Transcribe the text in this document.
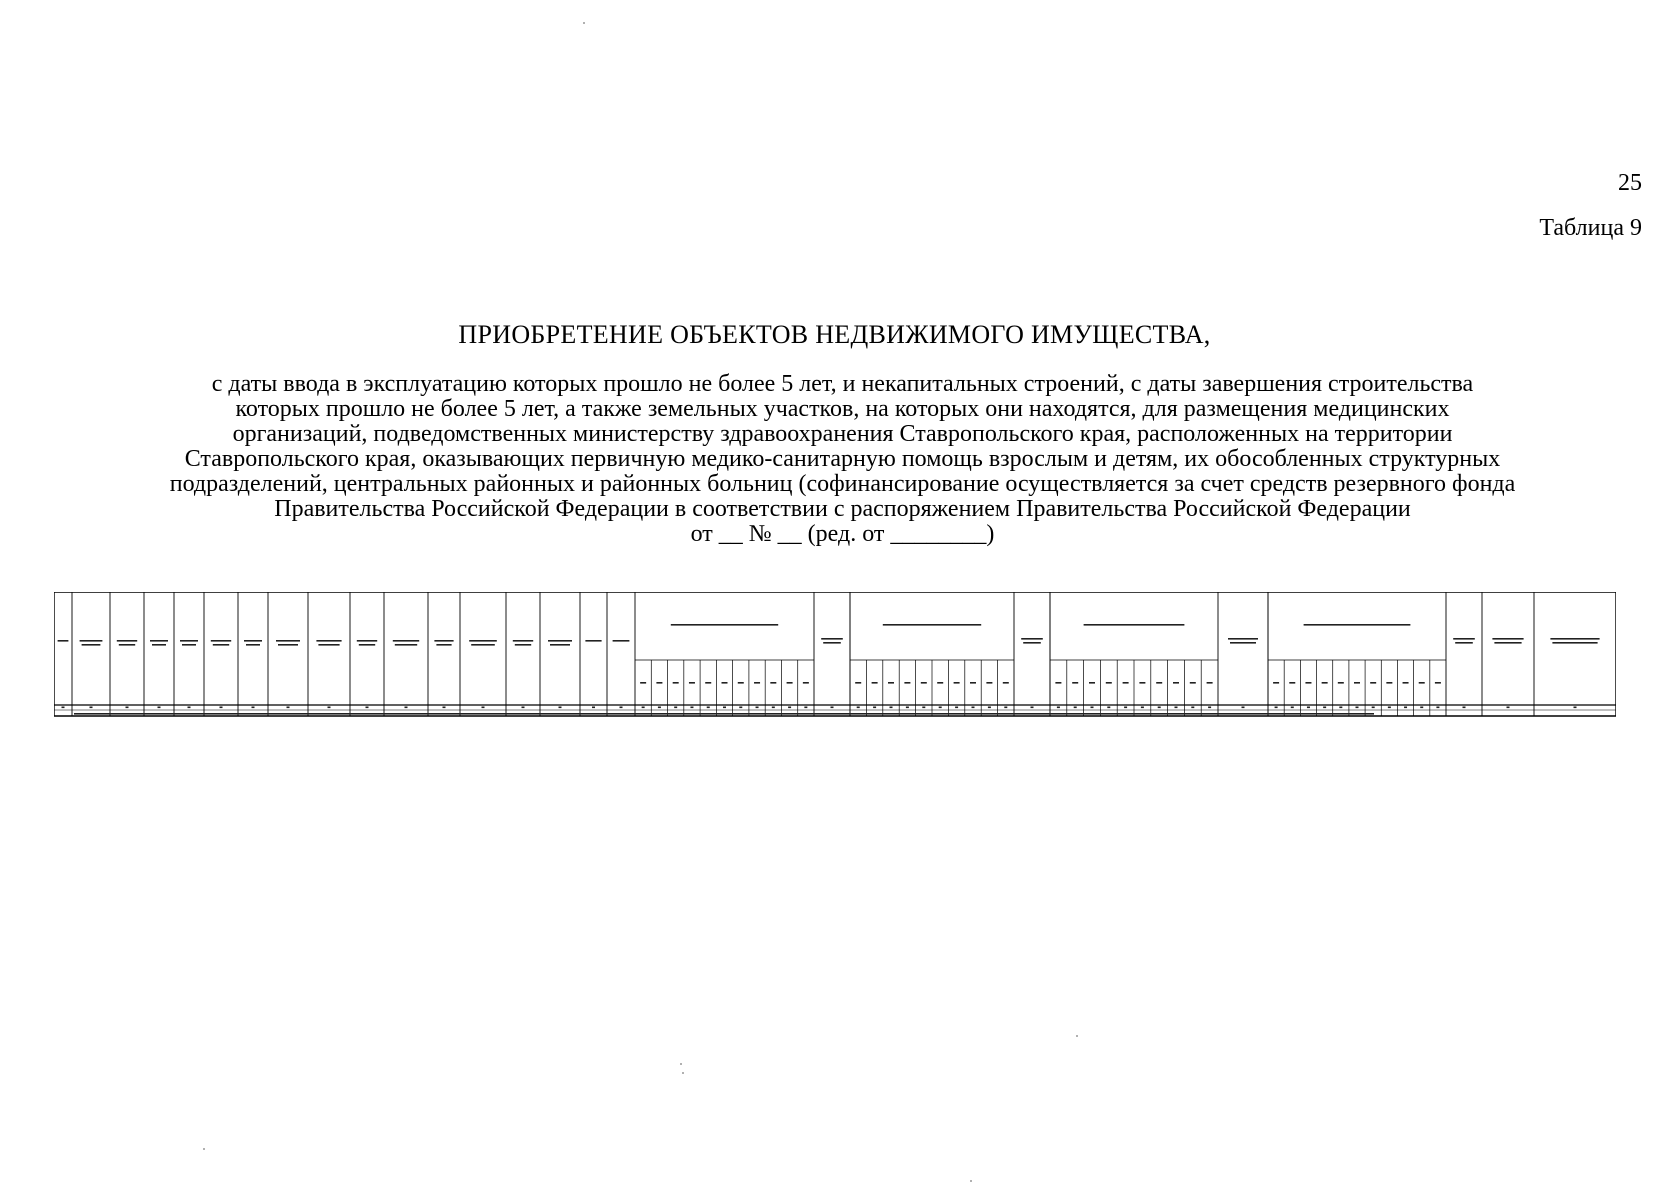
25
Таблица 9
ПРИОБРЕТЕНИЕ ОБЪЕКТОВ НЕДВИЖИМОГО ИМУЩЕСТВА,
с даты ввода в эксплуатацию которых прошло не более 5 лет, и некапитальных строений, с даты завершения строительства
которых прошло не более 5 лет, а также земельных участков, на которых они находятся, для размещения медицинских
организаций, подведомственных министерству здравоохранения Ставропольского края, расположенных на территории
Ставропольского края, оказывающих первичную медико-санитарную помощь взрослым и детям, их обособленных структурных
подразделений, центральных районных и районных больниц (софинансирование осуществляется за счет средств резервного фонда
Правительства Российской Федерации в соответствии с распоряжением Правительства Российской Федерации
от __ № __ (ред. от ________)
